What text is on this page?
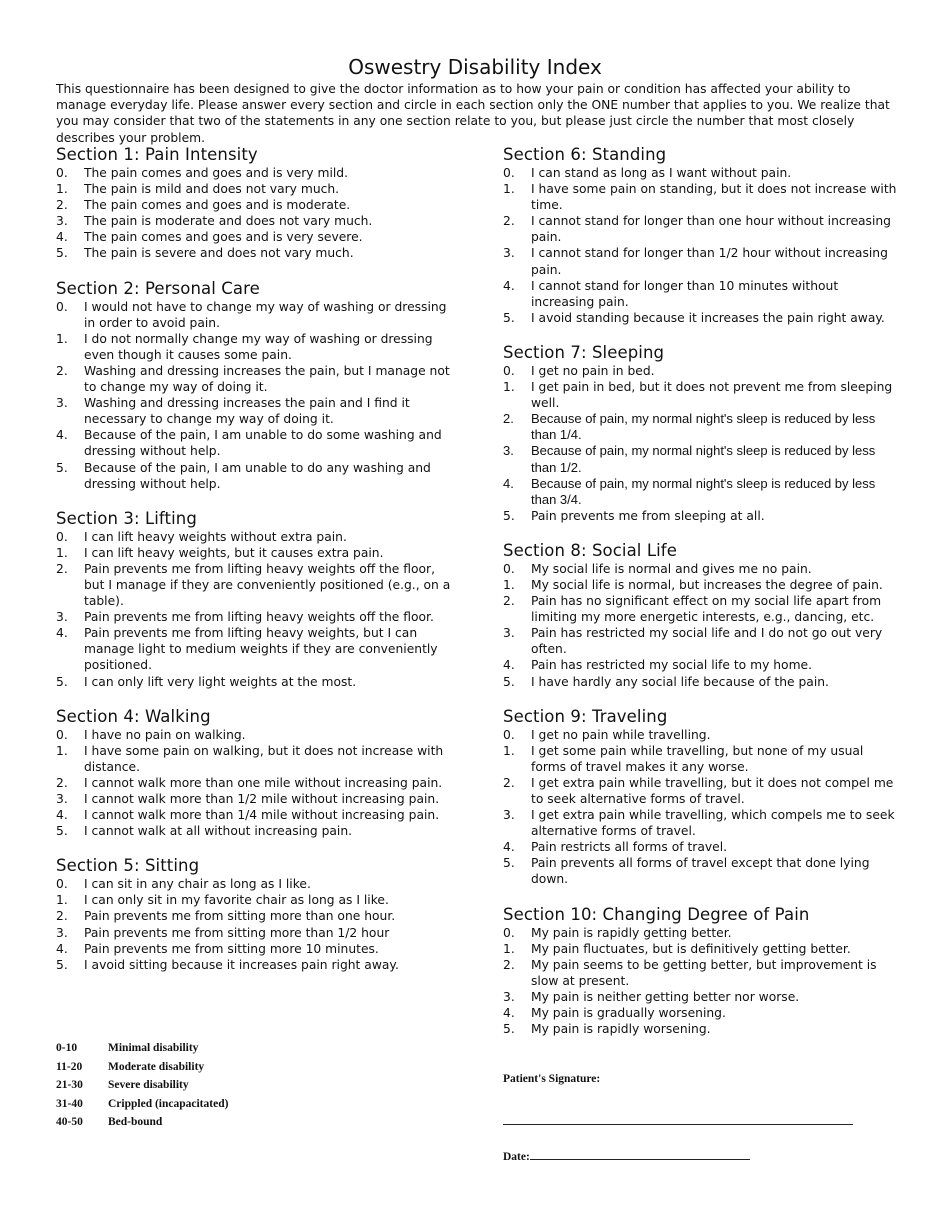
Oswestry Disability Index
This questionnaire has been designed to give the doctor information as to how your pain or condition has affected your ability to manage everyday life. Please answer every section and circle in each section only the ONE number that applies to you. We realize that you may consider that two of the statements in any one section relate to you, but please just circle the number that most closely describes your problem.
Section 1: Pain Intensity
0. The pain comes and goes and is very mild.
1. The pain is mild and does not vary much.
2. The pain comes and goes and is moderate.
3. The pain is moderate and does not vary much.
4. The pain comes and goes and is very severe.
5. The pain is severe and does not vary much.
Section 2: Personal Care
0. I would not have to change my way of washing or dressing in order to avoid pain.
1. I do not normally change my way of washing or dressing even though it causes some pain.
2. Washing and dressing increases the pain, but I manage not to change my way of doing it.
3. Washing and dressing increases the pain and I find it necessary to change my way of doing it.
4. Because of the pain, I am unable to do some washing and dressing without help.
5. Because of the pain, I am unable to do any washing and dressing without help.
Section 3: Lifting
0. I can lift heavy weights without extra pain.
1. I can lift heavy weights, but it causes extra pain.
2. Pain prevents me from lifting heavy weights off the floor, but I manage if they are conveniently positioned (e.g., on a table).
3. Pain prevents me from lifting heavy weights off the floor.
4. Pain prevents me from lifting heavy weights, but I can manage light to medium weights if they are conveniently positioned.
5. I can only lift very light weights at the most.
Section 4: Walking
0. I have no pain on walking.
1. I have some pain on walking, but it does not increase with distance.
2. I cannot walk more than one mile without increasing pain.
3. I cannot walk more than 1/2 mile without increasing pain.
4. I cannot walk more than 1/4 mile without increasing pain.
5. I cannot walk at all without increasing pain.
Section 5: Sitting
0. I can sit in any chair as long as I like.
1. I can only sit in my favorite chair as long as I like.
2. Pain prevents me from sitting more than one hour.
3. Pain prevents me from sitting more than 1/2 hour
4. Pain prevents me from sitting more 10 minutes.
5. I avoid sitting because it increases pain right away.
Section 6: Standing
0. I can stand as long as I want without pain.
1. I have some pain on standing, but it does not increase with time.
2. I cannot stand for longer than one hour without increasing pain.
3. I cannot stand for longer than 1/2 hour without increasing pain.
4. I cannot stand for longer than 10 minutes without increasing pain.
5. I avoid standing because it increases the pain right away.
Section 7: Sleeping
0. I get no pain in bed.
1. I get pain in bed, but it does not prevent me from sleeping well.
2. Because of pain, my normal night's sleep is reduced by less than 1/4.
3. Because of pain, my normal night's sleep is reduced by less than 1/2.
4. Because of pain, my normal night's sleep is reduced by less than 3/4.
5. Pain prevents me from sleeping at all.
Section 8: Social Life
0. My social life is normal and gives me no pain.
1. My social life is normal, but increases the degree of pain.
2. Pain has no significant effect on my social life apart from limiting my more energetic interests, e.g., dancing, etc.
3. Pain has restricted my social life and I do not go out very often.
4. Pain has restricted my social life to my home.
5. I have hardly any social life because of the pain.
Section 9: Traveling
0. I get no pain while travelling.
1. I get some pain while travelling, but none of my usual forms of travel makes it any worse.
2. I get extra pain while travelling, but it does not compel me to seek alternative forms of travel.
3. I get extra pain while travelling, which compels me to seek alternative forms of travel.
4. Pain restricts all forms of travel.
5. Pain prevents all forms of travel except that done lying down.
Section 10: Changing Degree of Pain
0. My pain is rapidly getting better.
1. My pain fluctuates, but is definitively getting better.
2. My pain seems to be getting better, but improvement is slow at present.
3. My pain is neither getting better nor worse.
4. My pain is gradually worsening.
5. My pain is rapidly worsening.
0-10	Minimal disability
11-20 Moderate disability
21-30 Severe disability
31-40 Crippled (incapacitated)
40-50 Bed-bound
Patient's Signature:
Date:
